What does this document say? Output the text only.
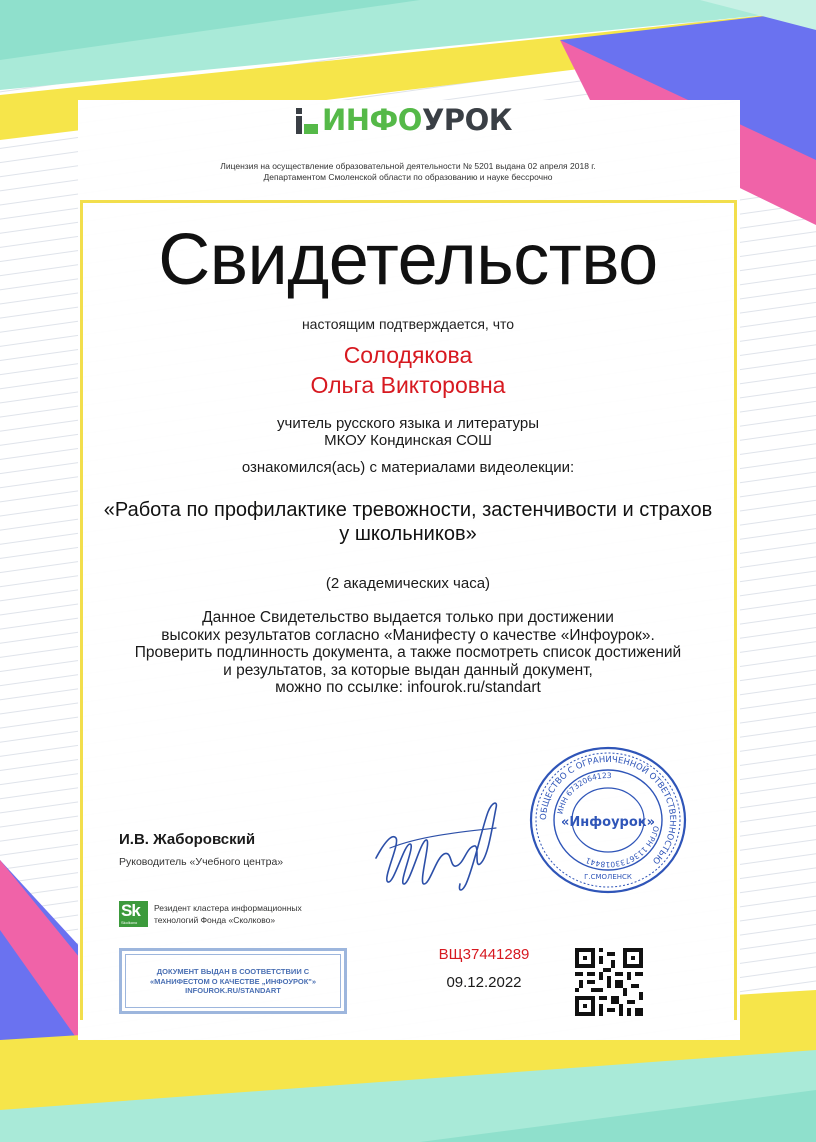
ИНФО УРОК
Лицензия на осуществление образовательной деятельности № 5201 выдана 02 апреля 2018 г.
Департаментом Смоленской области по образованию и науке бессрочно
Свидетельство
настоящим подтверждается, что
Солодякова
Ольга Викторовна
учитель русского языка и литературы
МКОУ Кондинская СОШ
ознакомился(ась) с материалами видеолекции:
«Работа по профилактике тревожности, застенчивости и страхов
у школьников»
(2 академических часа)
Данное Свидетельство выдается только при достижении
высоких результатов согласно «Манифесту о качестве «Инфоурок».
Проверить подлинность документа, а также посмотреть список достижений
и результатов, за которые выдан данный документ,
можно по ссылке: infourok.ru/standart
И.В. Жаборовский
Руководитель «Учебного центра»
ОБЩЕСТВО С ОГРАНИЧЕННОЙ ОТВЕТСТВЕННОСТЬЮ
ИНН 6732064123
ОГРН 1136733018441
«Инфоурок»
Г.СМОЛЕНСК
Sk
Skolkovo
Резидент кластера информационных
технологий Фонда «Сколково»
ДОКУМЕНТ ВЫДАН В СООТВЕТСТВИИ С
«МАНИФЕСТОМ О КАЧЕСТВЕ „ИНФОУРОК"»
INFOUROK.RU/STANDART
ВЩ37441289
09.12.2022
